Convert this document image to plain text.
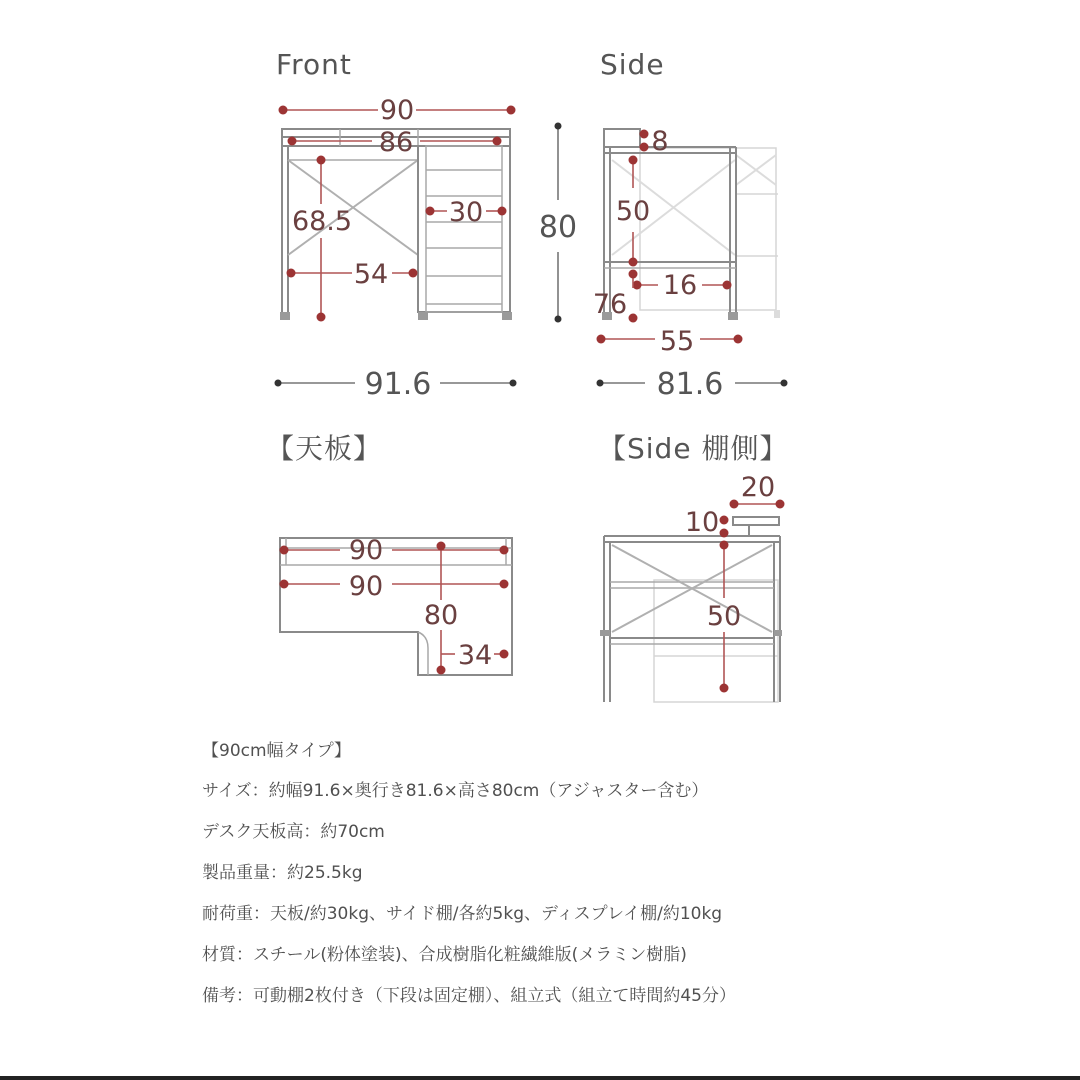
Front	Side
【天板】	【Side 棚側】
90
86
68.5	30
54
80
91.6
8
50
16
76
55
81.6
90
90
80
34
20
10
50
【90cm幅タイプ】
サイズ：約幅91.6×奥行き81.6×高さ80cm（アジャスター含む）
デスク天板高：約70cm
製品重量：約25.5kg
耐荷重：天板/約30kg、サイド棚/各約5kg、ディスプレイ棚/約10kg
材質：スチール(粉体塗装)、合成樹脂化粧繊維版(メラミン樹脂)
備考：可動棚2枚付き（下段は固定棚）、組立式（組立て時間約45分）
